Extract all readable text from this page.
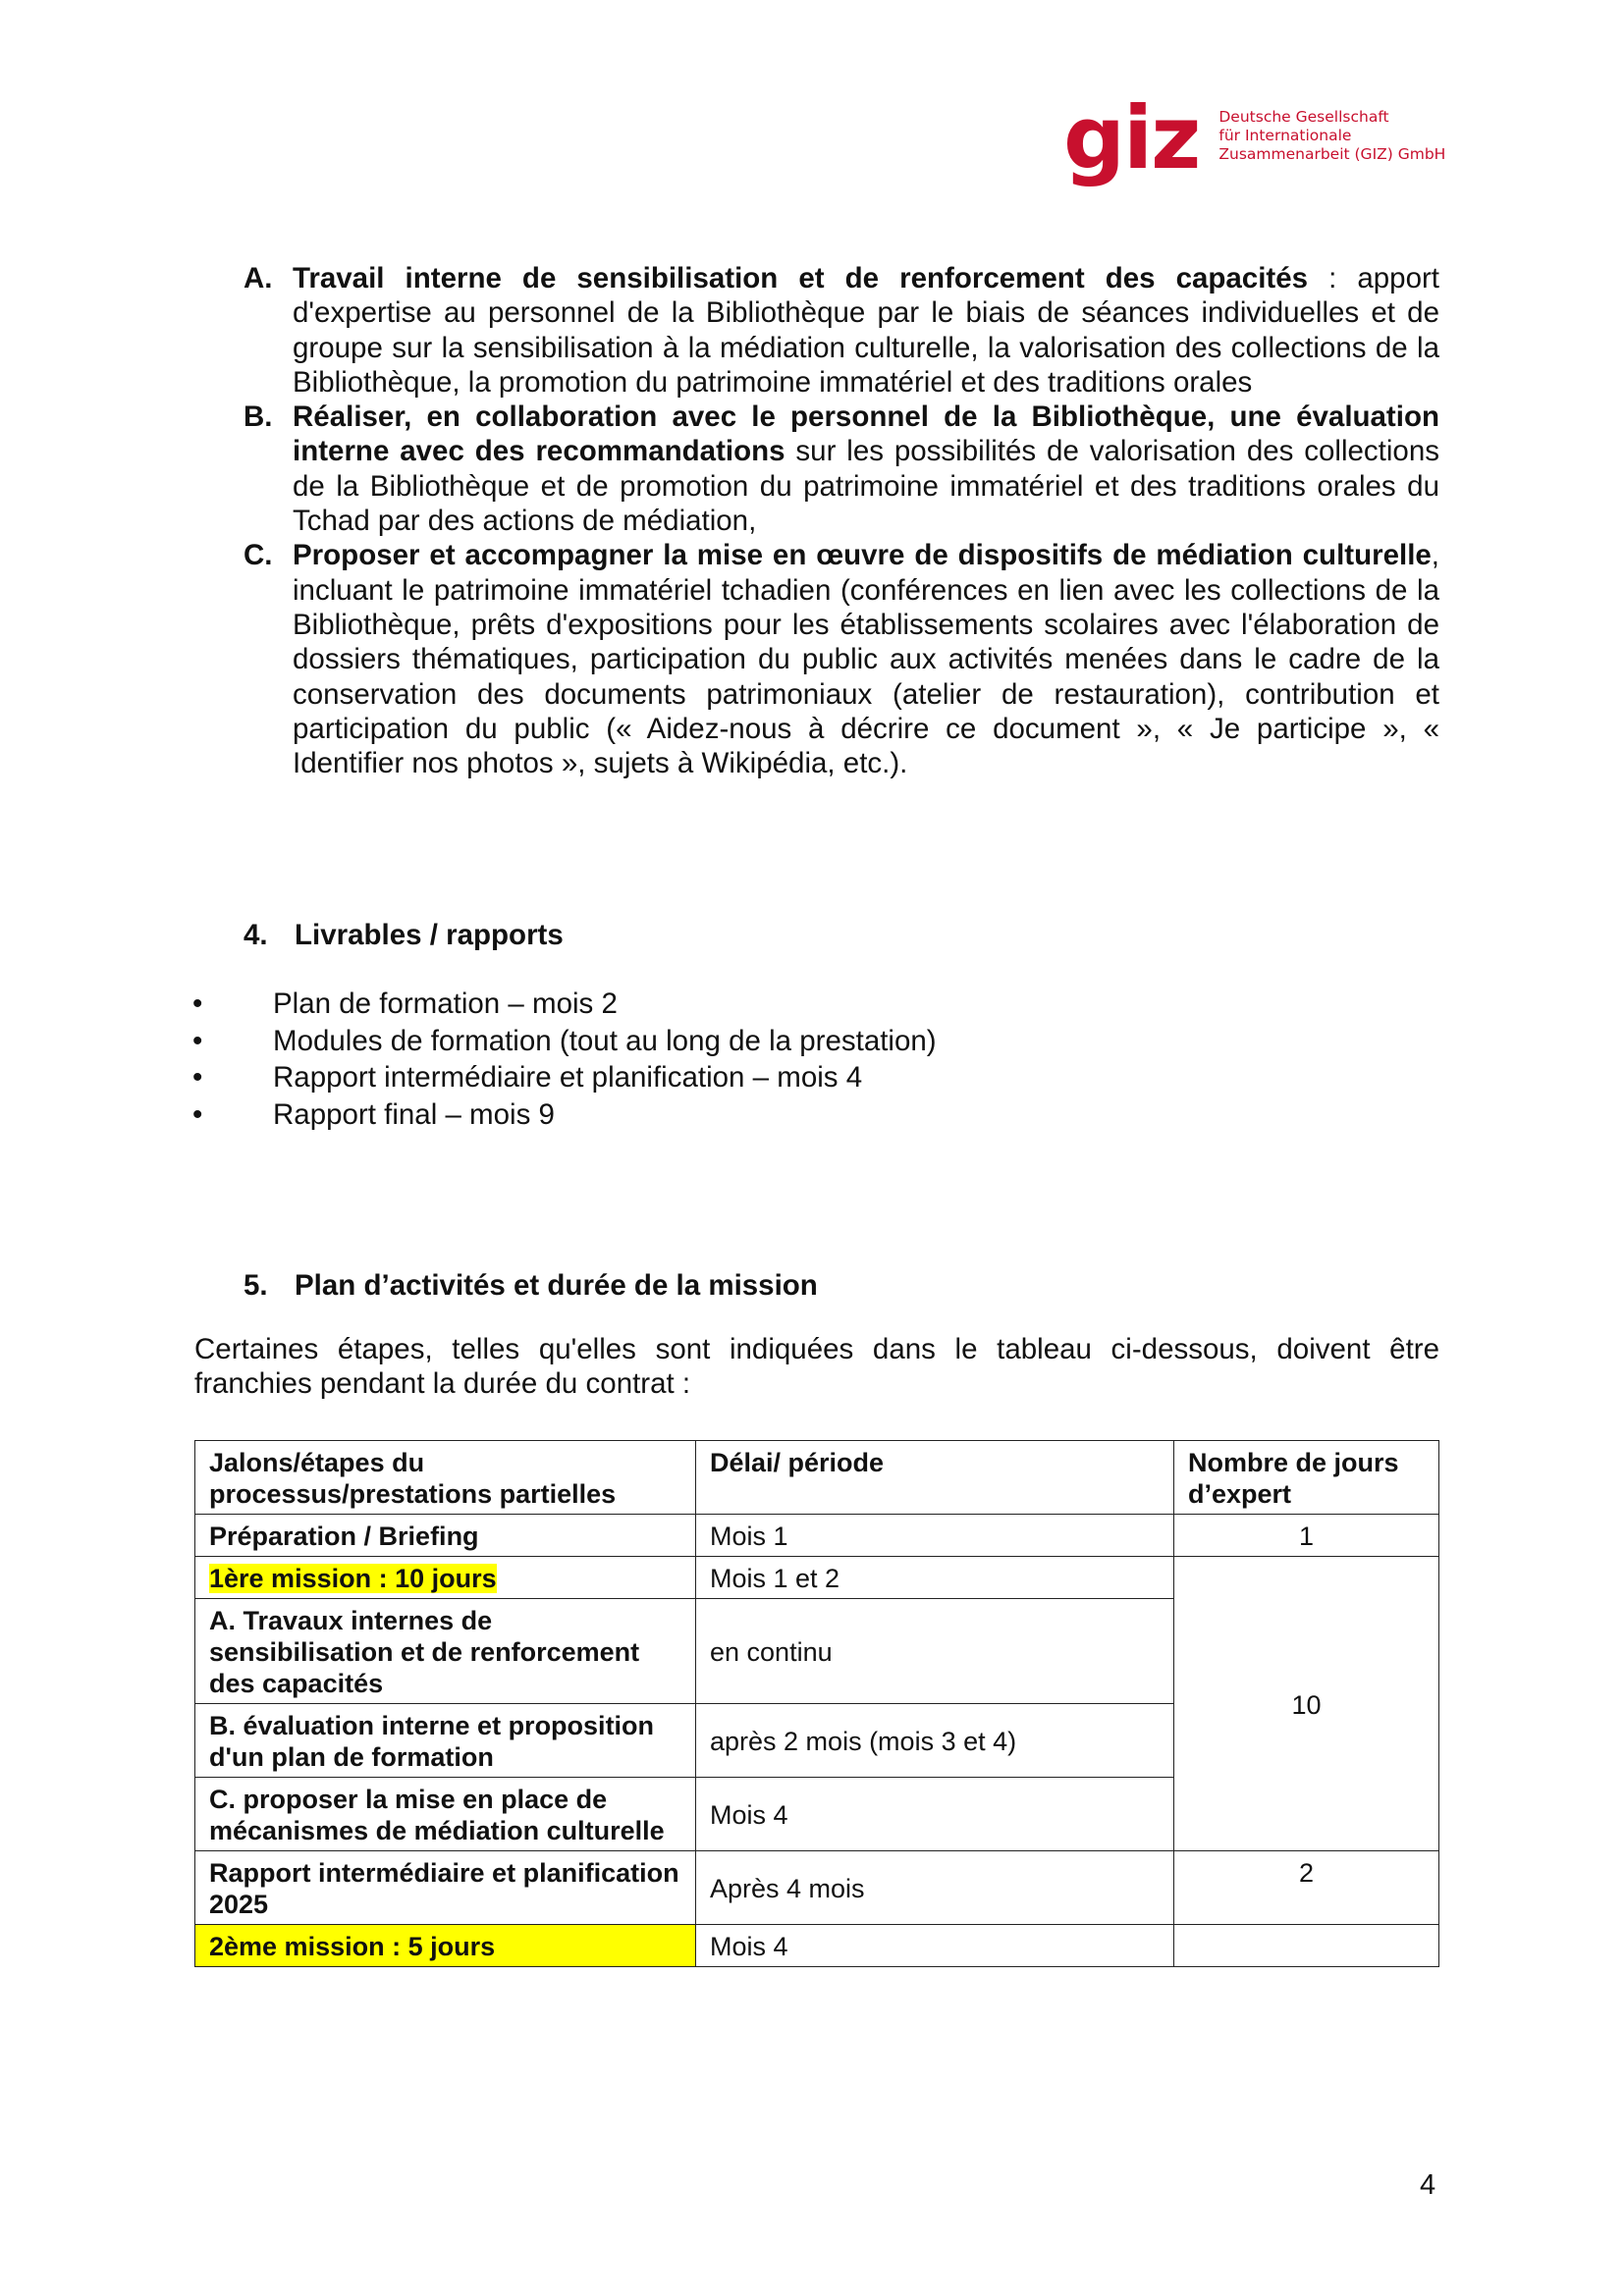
giz Deutsche Gesellschaft
für Internationale
Zusammenarbeit (GIZ) GmbH
A. Travail interne de sensibilisation et de renforcement des capacités : apport d'expertise au personnel de la Bibliothèque par le biais de séances individuelles et de groupe sur la sensibilisation à la médiation culturelle, la valorisation des collections de la Bibliothèque, la promotion du patrimoine immatériel et des traditions orales
B. Réaliser, en collaboration avec le personnel de la Bibliothèque, une évaluation interne avec des recommandations sur les possibilités de valorisation des collections de la Bibliothèque et de promotion du patrimoine immatériel et des traditions orales du Tchad par des actions de médiation,
C. Proposer et accompagner la mise en œuvre de dispositifs de médiation culturelle, incluant le patrimoine immatériel tchadien (conférences en lien avec les collections de la Bibliothèque, prêts d'expositions pour les établissements scolaires avec l'élaboration de dossiers thématiques, participation du public aux activités menées dans le cadre de la conservation des documents patrimoniaux (atelier de restauration), contribution et participation du public (« Aidez-nous à décrire ce document », « Je participe », « Identifier nos photos », sujets à Wikipédia, etc.).
4. Livrables / rapports
• Plan de formation – mois 2
• Modules de formation (tout au long de la prestation)
• Rapport intermédiaire et planification – mois 4
• Rapport final – mois 9
5. Plan d’activités et durée de la mission
Certaines étapes, telles qu'elles sont indiquées dans le tableau ci-dessous, doivent être franchies pendant la durée du contrat :
Jalons/étapes du processus/prestations partielles	Délai/ période	Nombre de jours d’expert
Préparation / Briefing	Mois 1	1
1ère mission : 10 jours	Mois 1 et 2	10
A. Travaux internes de sensibilisation et de renforcement des capacités	en continu	
B. évaluation interne et proposition d'un plan de formation	après 2 mois (mois 3 et 4)	
C. proposer la mise en place de mécanismes de médiation culturelle	Mois 4	
Rapport intermédiaire et planification 2025	Après 4 mois	2
2ème mission : 5 jours	Mois 4	
4
